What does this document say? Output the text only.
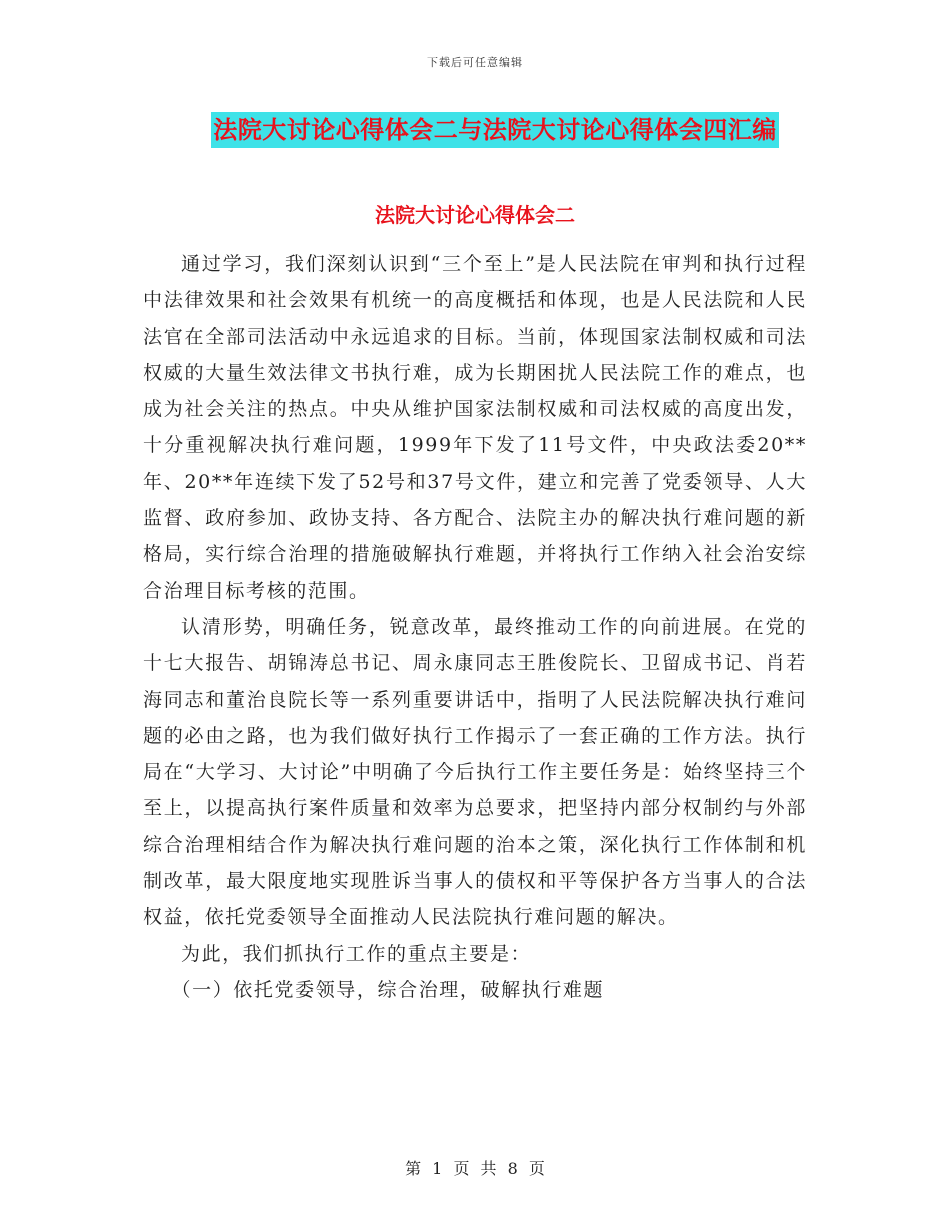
下载后可任意编辑
法院大讨论心得体会二与法院大讨论心得体会四汇编
法院大讨论心得体会二

通过学习，我们深刻认识到“三个至上”是人民法院在审判和执行过程中法律效果和社会效果有机统一的高度概括和体现，也是人民法院和人民法官在全部司法活动中永远追求的目标。当前，体现国家法制权威和司法权威的大量生效法律文书执行难，成为长期困扰人民法院工作的难点，也成为社会关注的热点。中央从维护国家法制权威和司法权威的高度出发，十分重视解决执行难问题，1999年下发了11号文件，中央政法委20**年、20**年连续下发了52号和37号文件，建立和完善了党委领导、人大监督、政府参加、政协支持、各方配合、法院主办的解决执行难问题的新格局，实行综合治理的措施破解执行难题，并将执行工作纳入社会治安综合治理目标考核的范围。

认清形势，明确任务，锐意改革，最终推动工作的向前进展。在党的十七大报告、胡锦涛总书记、周永康同志王胜俊院长、卫留成书记、肖若海同志和董治良院长等一系列重要讲话中，指明了人民法院解决执行难问题的必由之路，也为我们做好执行工作揭示了一套正确的工作方法。执行局在“大学习、大讨论”中明确了今后执行工作主要任务是：始终坚持三个至上，以提高执行案件质量和效率为总要求，把坚持内部分权制约与外部综合治理相结合作为解决执行难问题的治本之策，深化执行工作体制和机制改革，最大限度地实现胜诉当事人的债权和平等保护各方当事人的合法权益，依托党委领导全面推动人民法院执行难问题的解决。

为此，我们抓执行工作的重点主要是：

（一）依托党委领导，综合治理，破解执行难题

第 1 页 共 8 页
